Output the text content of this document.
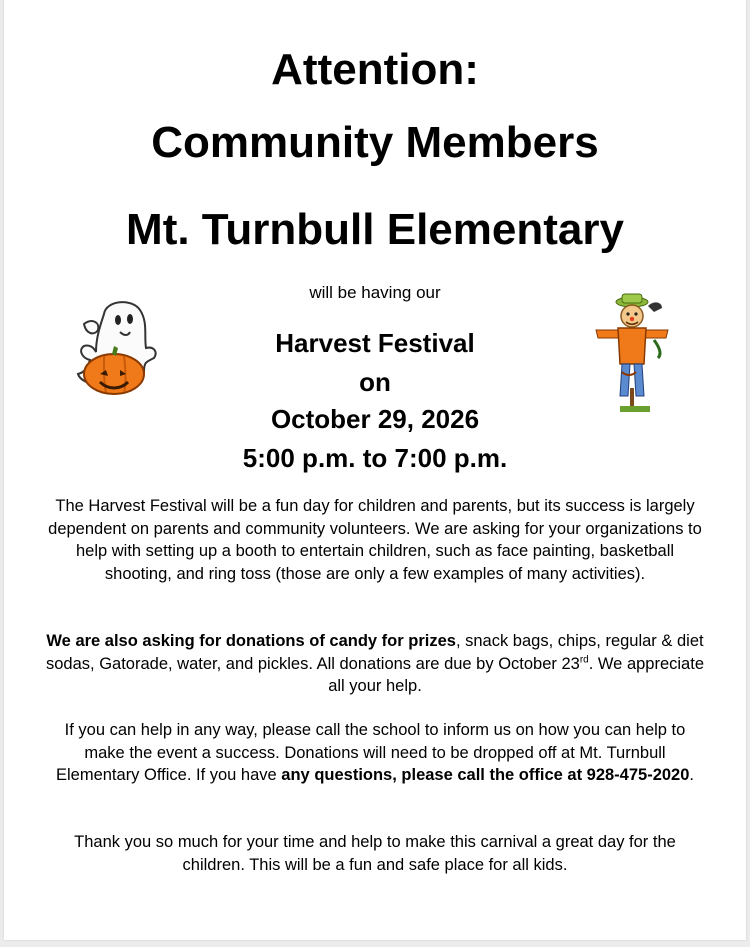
Attention:
Community Members
Mt. Turnbull Elementary
will be having our
Harvest Festival
on
October 29, 2026
5:00 p.m. to 7:00 p.m.
The Harvest Festival will be a fun day for children and parents, but its success is largely dependent on parents and community volunteers. We are asking for your organizations to help with setting up a booth to entertain children, such as face painting, basketball shooting, and ring toss (those are only a few examples of many activities).
We are also asking for donations of candy for prizes, snack bags, chips, regular & diet sodas, Gatorade, water, and pickles. All donations are due by October 23rd. We appreciate all your help.
If you can help in any way, please call the school to inform us on how you can help to make the event a success. Donations will need to be dropped off at Mt. Turnbull Elementary Office. If you have any questions, please call the office at 928-475-2020.
Thank you so much for your time and help to make this carnival a great day for the children. This will be a fun and safe place for all kids.
